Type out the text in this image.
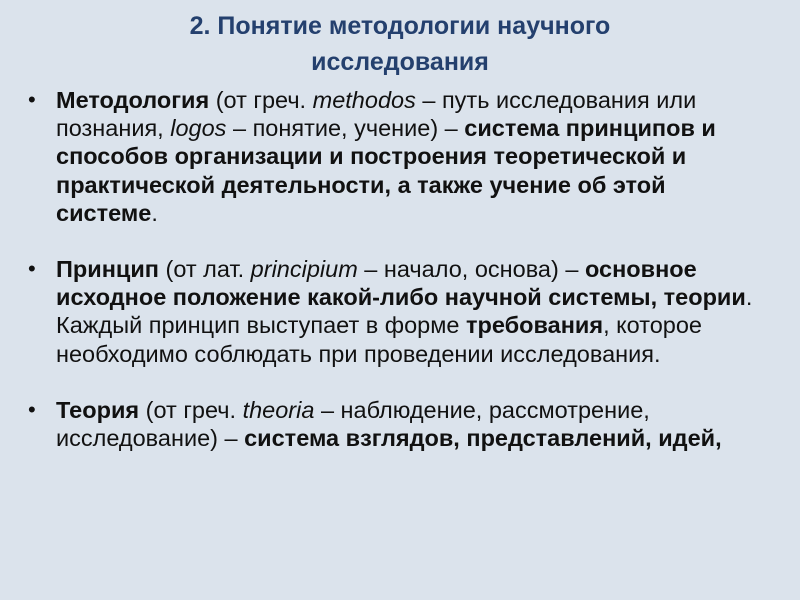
2. Понятие методологии научного
исследования
• Методология (от греч. methodos – путь исследования или познания, logos – понятие, учение) – система принципов и способов организации и построения теоретической и практической деятельности, а также учение об этой системе.
• Принцип (от лат. principium – начало, основа) – основное исходное положение какой-либо научной системы, теории. Каждый принцип выступает в форме требования, которое необходимо соблюдать при проведении исследования.
• Теория (от греч. theoria – наблюдение, рассмотрение, исследование) – система взглядов, представлений, идей,
